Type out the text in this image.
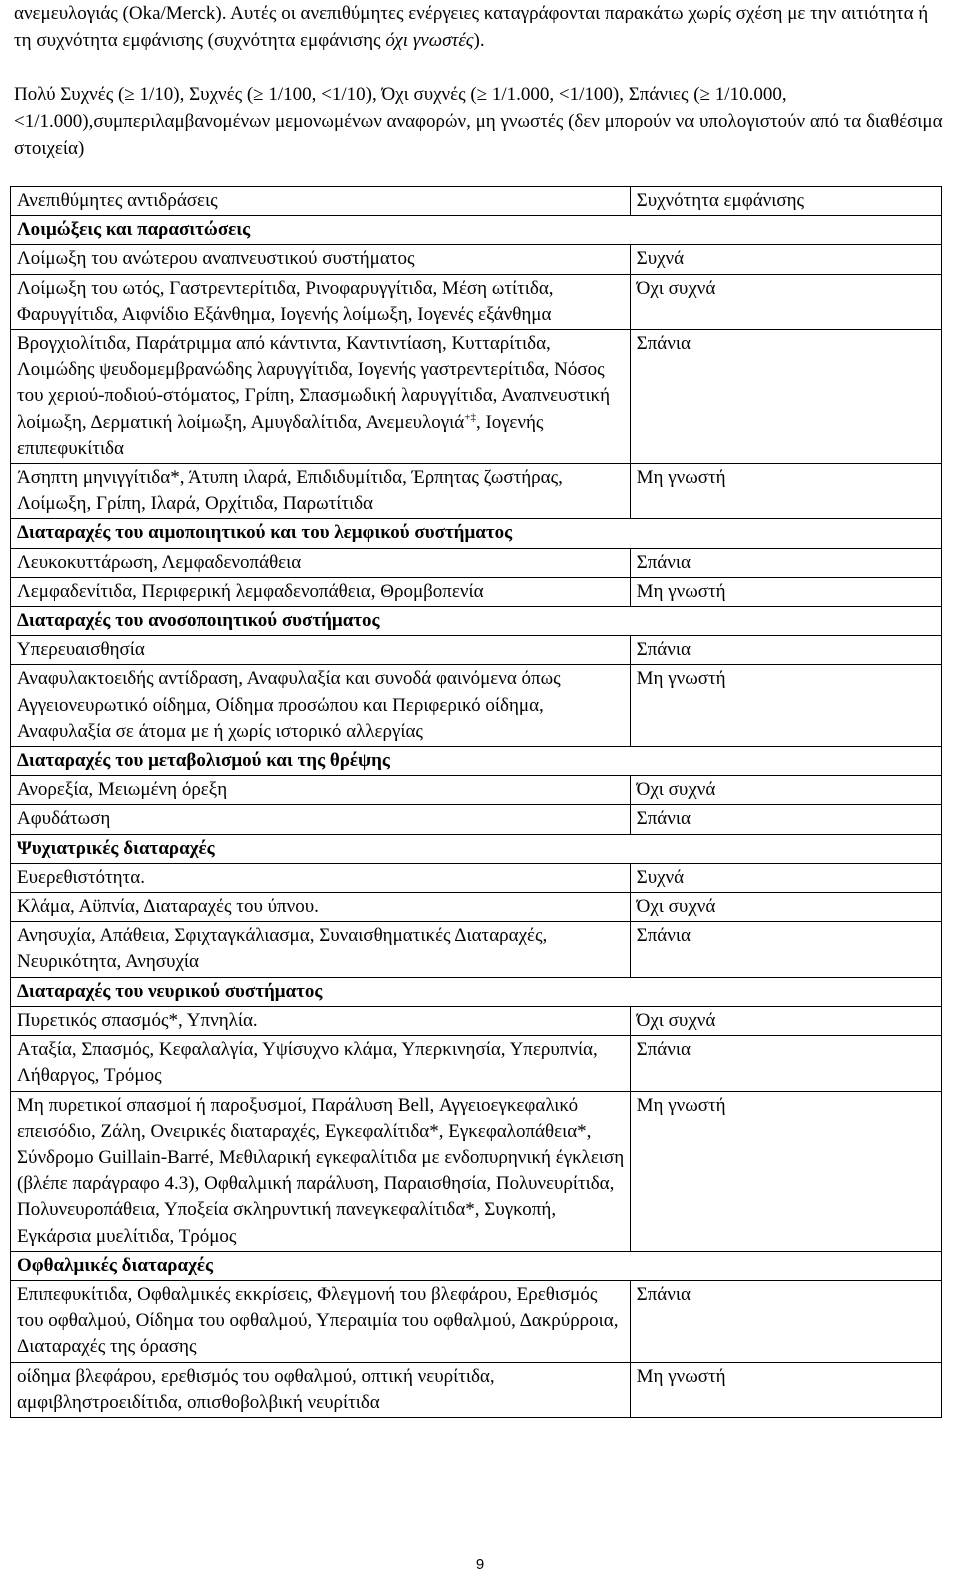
ανεμευλογιάς (Oka/Merck). Αυτές οι ανεπιθύμητες ενέργειες καταγράφονται παρακάτω χωρίς σχέση με την αιτιότητα ή τη συχνότητα εμφάνισης (συχνότητα εμφάνισης όχι γνωστές).

Πολύ Συχνές (≥ 1/10), Συχνές (≥ 1/100, <1/10), Όχι συχνές (≥ 1/1.000, <1/100), Σπάνιες (≥ 1/10.000, <1/1.000),συμπεριλαμβανομένων μεμονωμένων αναφορών, μη γνωστές (δεν μπορούν να υπολογιστούν από τα διαθέσιμα στοιχεία)

Ανεπιθύμητες αντιδράσεις	Συχνότητα εμφάνισης
Λοιμώξεις και παρασιτώσεις	
Λοίμωξη του ανώτερου αναπνευστικού συστήματος	Συχνά
Λοίμωξη του ωτός, Γαστρεντερίτιδα, Ρινοφαρυγγίτιδα, Μέση ωτίτιδα, Φαρυγγίτιδα, Αιφνίδιο Εξάνθημα, Ιογενής λοίμωξη, Ιογενές εξάνθημα	Όχι συχνά
Βρογχιολίτιδα, Παράτριμμα από κάντιντα, Καντιντίαση, Κυτταρίτιδα, Λοιμώδης ψευδομεμβρανώδης λαρυγγίτιδα, Ιογενής γαστρεντερίτιδα, Νόσος του χεριού-ποδιού-στόματος, Γρίπη, Σπασμωδική λαρυγγίτιδα, Αναπνευστική λοίμωξη, Δερματική λοίμωξη, Αμυγδαλίτιδα, Ανεμευλογιά+‡, Ιογενής επιπεφυκίτιδα	Σπάνια
Άσηπτη μηνιγγίτιδα*, Άτυπη ιλαρά, Επιδιδυμίτιδα, Έρπητας ζωστήρας, Λοίμωξη, Γρίπη, Ιλαρά, Ορχίτιδα, Παρωτίτιδα	Μη γνωστή
Διαταραχές του αιμοποιητικού και του λεμφικού συστήματος	
Λευκοκυττάρωση, Λεμφαδενοπάθεια	Σπάνια
Λεμφαδενίτιδα, Περιφερική λεμφαδενοπάθεια, Θρομβοπενία	Μη γνωστή
Διαταραχές του ανοσοποιητικού συστήματος	
Υπερευαισθησία	Σπάνια
Αναφυλακτοειδής αντίδραση, Αναφυλαξία και συνοδά φαινόμενα όπως Αγγειονευρωτικό οίδημα, Οίδημα προσώπου και Περιφερικό οίδημα, Αναφυλαξία σε άτομα με ή χωρίς ιστορικό αλλεργίας	Μη γνωστή
Διαταραχές του μεταβολισμού και της θρέψης	
Ανορεξία, Μειωμένη όρεξη	Όχι συχνά
Αφυδάτωση	Σπάνια
Ψυχιατρικές διαταραχές	
Ευερεθιστότητα.	Συχνά
Κλάμα, Αϋπνία, Διαταραχές του ύπνου.	Όχι συχνά
Ανησυχία, Απάθεια, Σφιχταγκάλιασμα, Συναισθηματικές Διαταραχές, Νευρικότητα, Ανησυχία	Σπάνια
Διαταραχές του νευρικού συστήματος	
Πυρετικός σπασμός*, Υπνηλία.	Όχι συχνά
Αταξία, Σπασμός, Κεφαλαλγία, Υψίσυχνο κλάμα, Υπερκινησία, Υπερυπνία, Λήθαργος, Τρόμος	Σπάνια
Μη πυρετικοί σπασμοί ή παροξυσμοί, Παράλυση Bell, Αγγειοεγκεφαλικό επεισόδιο, Ζάλη, Ονειρικές διαταραχές, Εγκεφαλίτιδα*, Εγκεφαλοπάθεια*, Σύνδρομο Guillain-Barré, Μεθιλαρική εγκεφαλίτιδα με ενδοπυρηνική έγκλειση (βλέπε παράγραφο 4.3), Οφθαλμική παράλυση, Παραισθησία, Πολυνευρίτιδα, Πολυνευροπάθεια, Υποξεία σκληρυντική πανεγκεφαλίτιδα*, Συγκοπή, Εγκάρσια μυελίτιδα, Τρόμος	Μη γνωστή
Οφθαλμικές διαταραχές	
Επιπεφυκίτιδα, Οφθαλμικές εκκρίσεις, Φλεγμονή του βλεφάρου, Ερεθισμός του οφθαλμού, Οίδημα του οφθαλμού, Υπεραιμία του οφθαλμού, Δακρύρροια, Διαταραχές της όρασης	Σπάνια
οίδημα βλεφάρου, ερεθισμός του οφθαλμού, οπτική νευρίτιδα, αμφιβληστροειδίτιδα, οπισθοβολβική νευρίτιδα	Μη γνωστή
9
